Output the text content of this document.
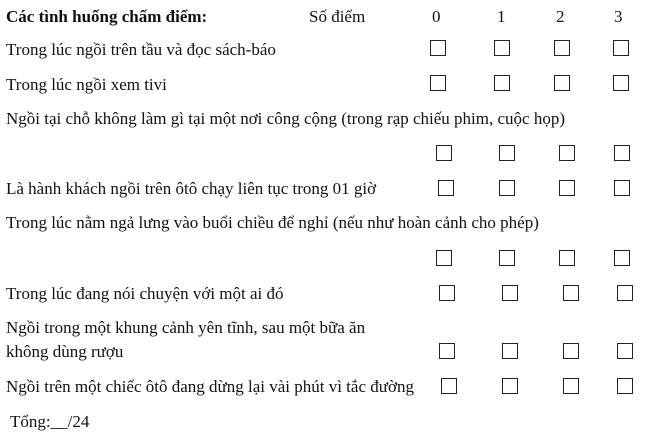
Các tình huống chấm điểm:	Số điểm	0	1	2	3
Trong lúc ngồi trên tầu và đọc sách-báo
Trong lúc ngồi xem tivi
Ngồi tại chỗ không làm gì tại một nơi công cộng (trong rạp chiếu phim, cuộc họp)
Là hành khách ngồi trên ôtô chạy liên tục trong 01 giờ
Trong lúc nằm ngả lưng vào buổi chiều để nghỉ (nếu như hoàn cảnh cho phép)
Trong lúc đang nói chuyện với một ai đó
Ngồi trong một khung cảnh yên tĩnh, sau một bữa ăn
không dùng rượu
Ngồi trên một chiếc ôtô đang dừng lại vài phút vì tắc đường
Tổng:__/24
